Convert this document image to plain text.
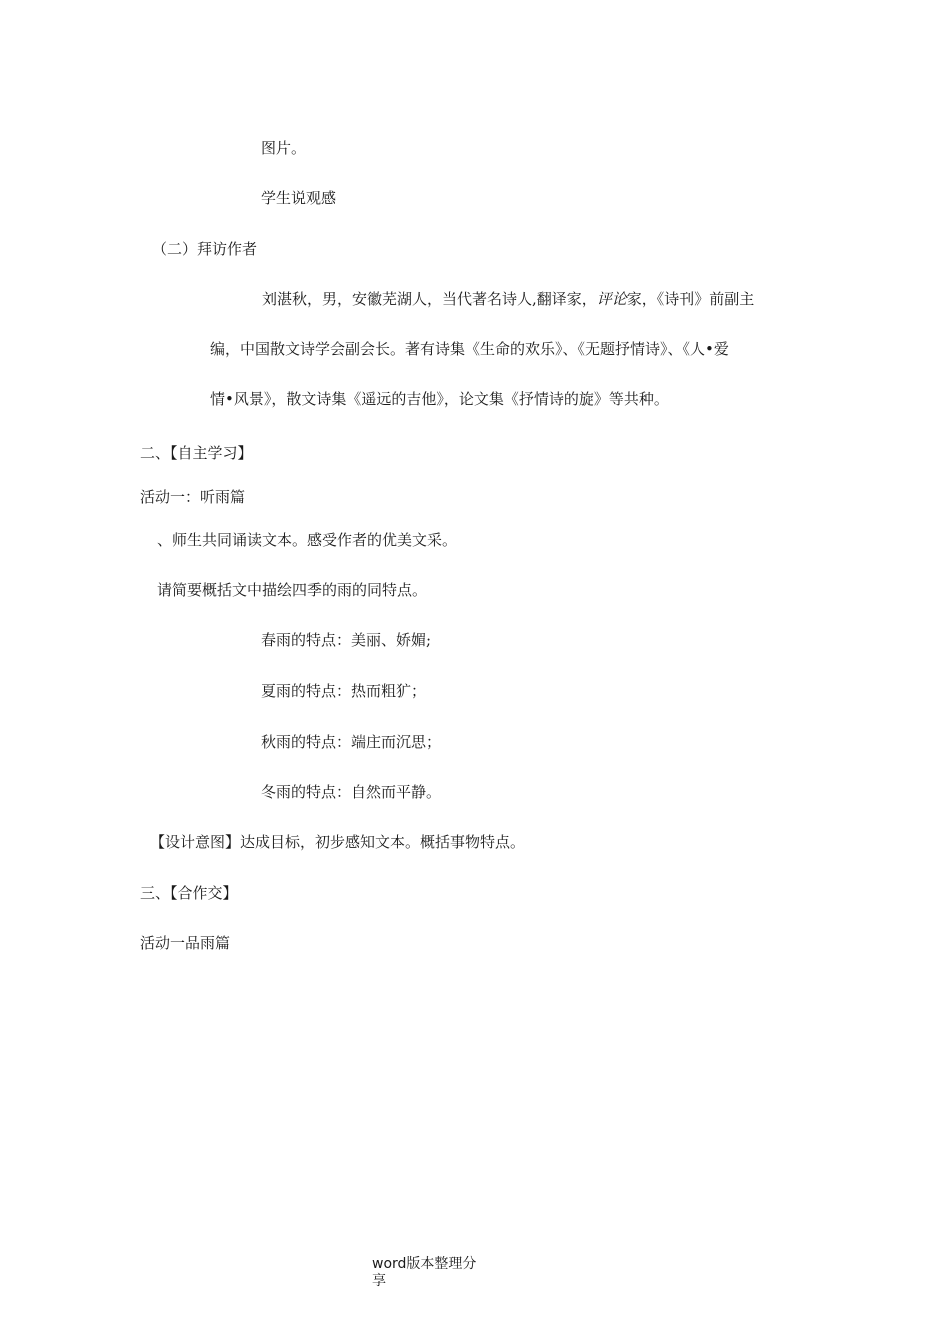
图片。
学生说观感
（二）拜访作者
刘湛秋，男，安徽芜湖人，当代著名诗人,翻译家，评论家，《诗刊》前副主
编，中国散文诗学会副会长。著有诗集《生命的欢乐》、《无题抒情诗》、《人•爱
情•风景》，散文诗集《遥远的吉他》，论文集《抒情诗的旋》等共种。
二、【自主学习】
活动一：听雨篇
、师生共同诵读文本。感受作者的优美文采。
请简要概括文中描绘四季的雨的同特点。
春雨的特点：美丽、娇媚;
夏雨的特点：热而粗犷；
秋雨的特点：端庄而沉思；
冬雨的特点：自然而平静。
【设计意图】达成目标，初步感知文本。概括事物特点。
三、【合作交】
活动一品雨篇
word版本整理分享
